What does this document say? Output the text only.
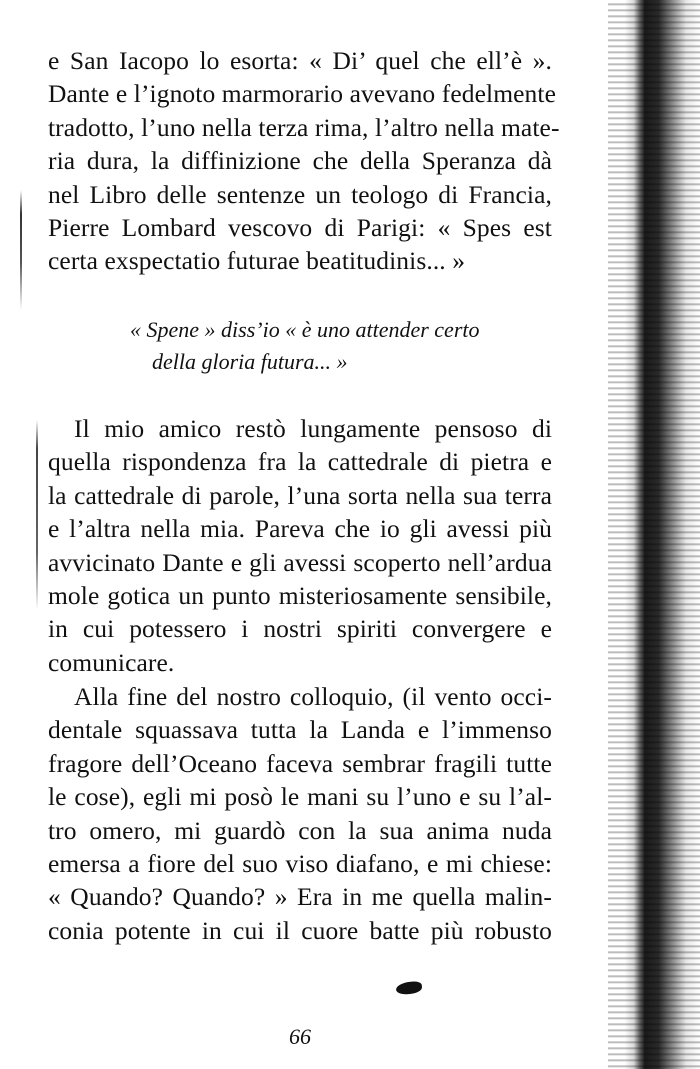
e San Iacopo lo esorta: « Di’ quel che ell’è ».
Dante e l’ignoto marmorario avevano fedelmente
tradotto, l’uno nella terza rima, l’altro nella mate‑
ria dura, la diffinizione che della Speranza dà
nel Libro delle sentenze un teologo di Francia,
Pierre Lombard vescovo di Parigi: « Spes est
certa exspectatio futurae beatitudinis... »
« Spene » diss’io « è uno attender certo
della gloria futura... »
Il mio amico restò lungamente pensoso di
quella rispondenza fra la cattedrale di pietra e
la cattedrale di parole, l’una sorta nella sua terra
e l’altra nella mia. Pareva che io gli avessi più
avvicinato Dante e gli avessi scoperto nell’ardua
mole gotica un punto misteriosamente sensibile,
in cui potessero i nostri spiriti convergere e
comunicare.
Alla fine del nostro colloquio, (il vento occi‑
dentale squassava tutta la Landa e l’immenso
fragore dell’Oceano faceva sembrar fragili tutte
le cose), egli mi posò le mani su l’uno e su l’al‑
tro omero, mi guardò con la sua anima nuda
emersa a fiore del suo viso diafano, e mi chiese:
« Quando? Quando? » Era in me quella malin‑
conia potente in cui il cuore batte più robusto
66
